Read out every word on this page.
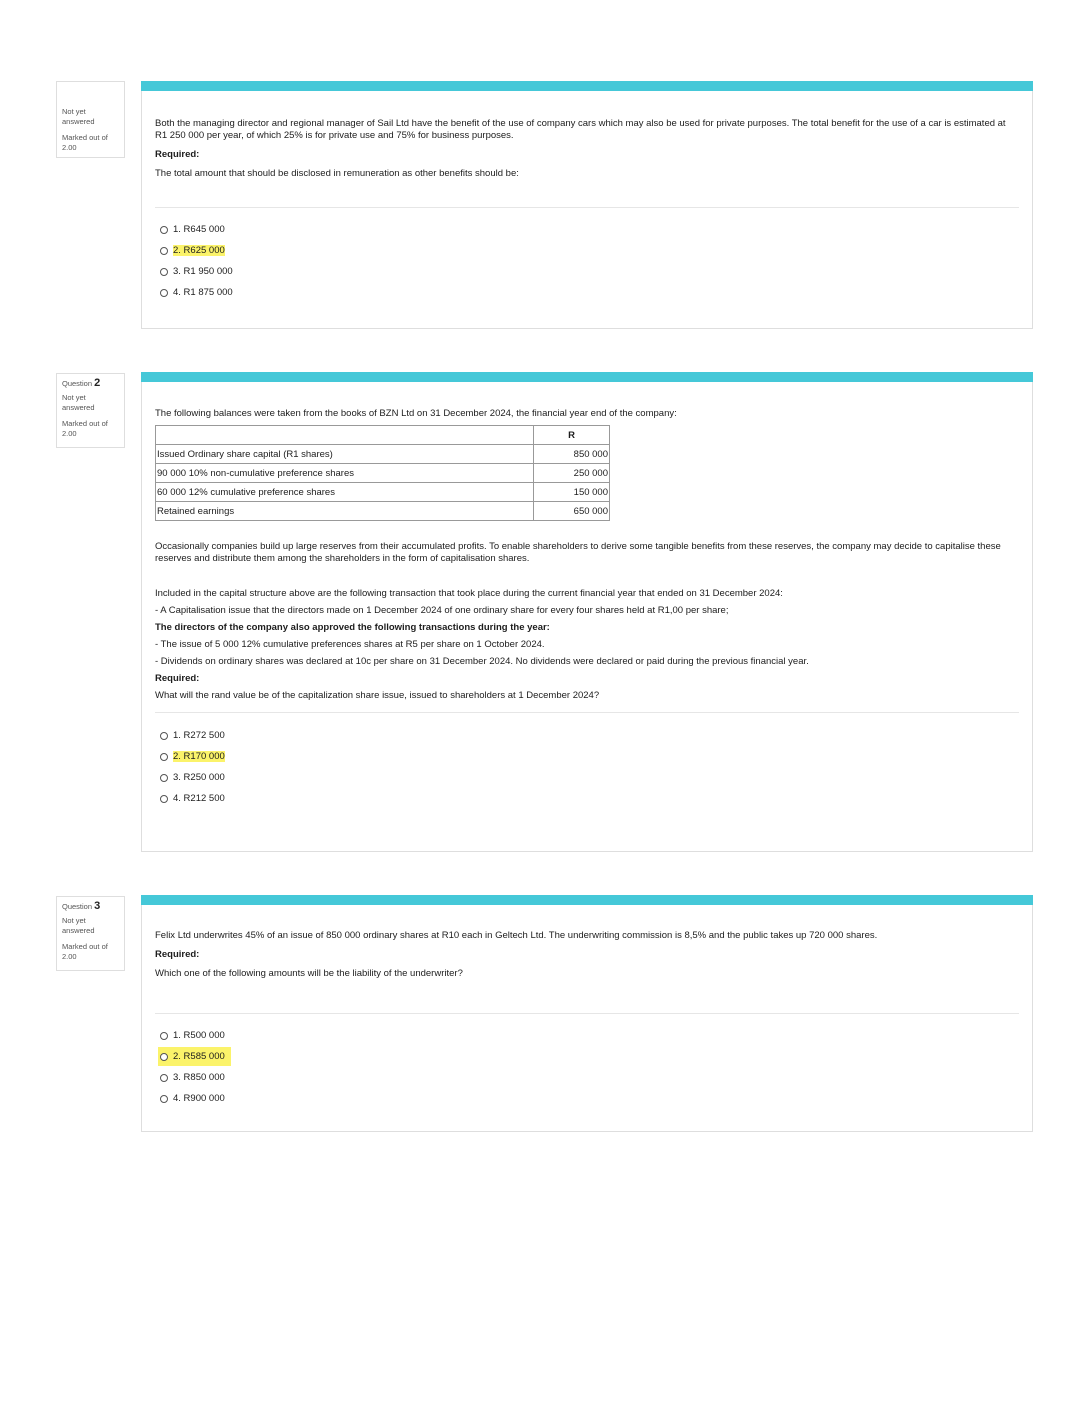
Not yet answered
Marked out of 2.00

Both the managing director and regional manager of Sail Ltd have the benefit of the use of company cars which may also be used for private purposes. The total benefit for the use of a car is estimated at R1 250 000 per year, of which 25% is for private use and 75% for business purposes.

Required:

The total amount that should be disclosed in remuneration as other benefits should be:

1. R645 000
2. R625 000
3. R1 950 000
4. R1 875 000
Question 2
Not yet answered
Marked out of 2.00

The following balances were taken from the books of BZN Ltd on 31 December 2024, the financial year end of the company:

	R
Issued Ordinary share capital (R1 shares)	850 000
90 000 10% non-cumulative preference shares	250 000
60 000 12% cumulative preference shares	150 000
Retained earnings	650 000

Occasionally companies build up large reserves from their accumulated profits. To enable shareholders to derive some tangible benefits from these reserves, the company may decide to capitalise these reserves and distribute them among the shareholders in the form of capitalisation shares.

Included in the capital structure above are the following transaction that took place during the current financial year that ended on 31 December 2024:

- A Capitalisation issue that the directors made on 1 December 2024 of one ordinary share for every four shares held at R1,00 per share;

The directors of the company also approved the following transactions during the year:

- The issue of 5 000 12% cumulative preferences shares at R5 per share on 1 October 2024.

- Dividends on ordinary shares was declared at 10c per share on 31 December 2024. No dividends were declared or paid during the previous financial year.

Required:

What will the rand value be of the capitalization share issue, issued to shareholders at 1 December 2024?

1. R272 500
2. R170 000
3. R250 000
4. R212 500
Question 3
Not yet answered
Marked out of 2.00

Felix Ltd underwrites 45% of an issue of 850 000 ordinary shares at R10 each in Geltech Ltd. The underwriting commission is 8,5% and the public takes up 720 000 shares.

Required:

Which one of the following amounts will be the liability of the underwriter?

1. R500 000
2. R585 000
3. R850 000
4. R900 000
